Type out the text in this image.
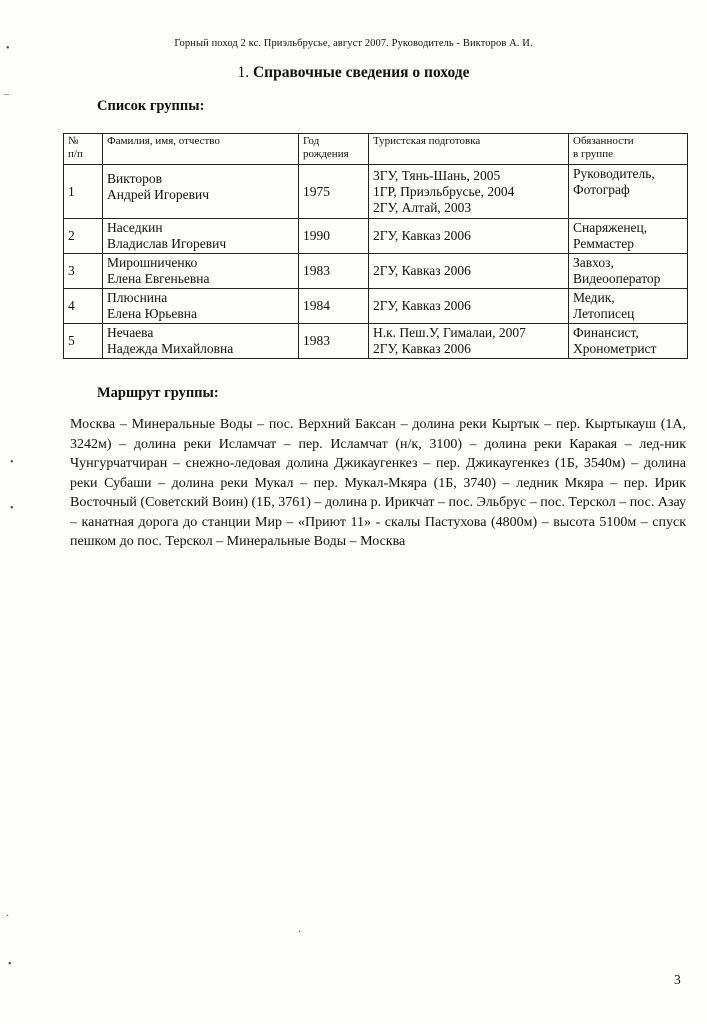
Горный поход 2 кс. Приэльбрусье, август 2007. Руководитель - Викторов А. И.
1. Справочные сведения о походе
Список группы:
№
п/п	Фамилия, имя, отчество	Год
рождения	Туристская подготовка	Обязанности
в группе

1	Викторов
Андрей Игоревич	1975	3ГУ, Тянь-Шань, 2005
1ГР, Приэльбрусье, 2004
2ГУ, Алтай, 2003	Руководитель,
Фотограф

2	Наседкин
Владислав Игоревич	1990	2ГУ, Кавказ 2006	Снаряженец,
Реммастер

3	Мирошниченко
Елена Евгеньевна	1983	2ГУ, Кавказ 2006	Завхоз,
Видеооператор

4	Плюснина
Елена Юрьевна	1984	2ГУ, Кавказ 2006	Медик,
Летописец

5	Нечаева
Надежда Михайловна	1983	Н.к. Пеш.У, Гималаи, 2007
2ГУ, Кавказ 2006	Финансист,
Хронометрист
Маршрут группы:
Москва – Минеральные Воды – пос. Верхний Баксан – долина реки Кыртык – пер. Кыртыкауш (1А, 3242м) – долина реки Исламчат – пер. Исламчат (н/к, 3100) – долина реки Каракая – лед-ник Чунгурчатчиран – снежно-ледовая долина Джикаугенкез – пер. Джикаугенкез (1Б, 3540м) – долина реки Субаши – долина реки Мукал – пер. Мукал-Мкяра (1Б, 3740) – ледник Мкяра – пер. Ирик Восточный (Советский Воин) (1Б, 3761) – долина р. Ирикчат – пос. Эльбрус – пос. Терскол – пос. Азау – канатная дорога до станции Мир – «Приют 11» - скалы Пастухова (4800м) – высота 5100м – спуск пешком до пос. Терскол – Минеральные Воды – Москва
3
•
–
•
•
·
•
·
